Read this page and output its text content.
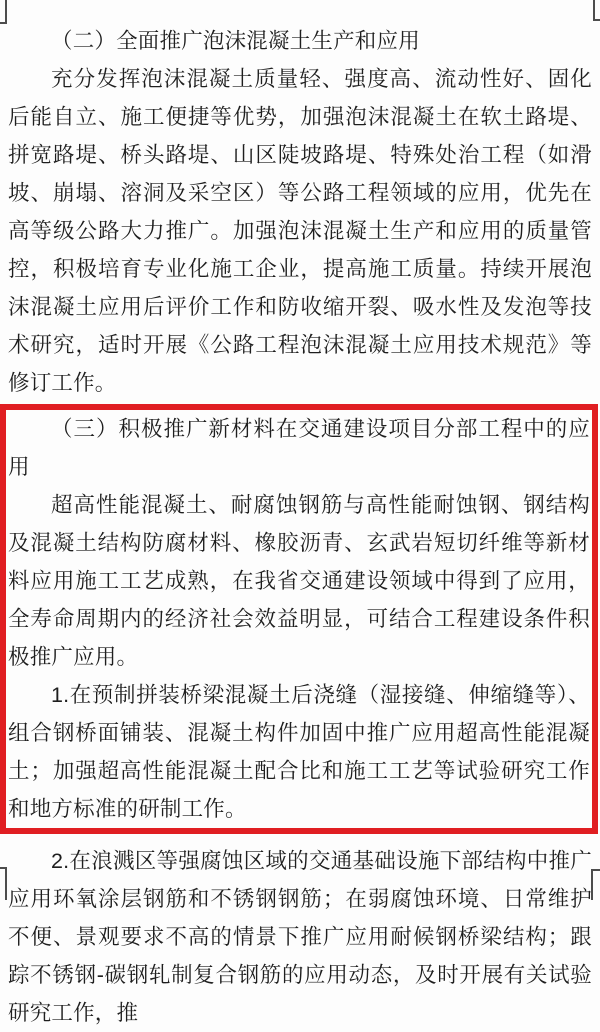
（二）全面推广泡沫混凝土生产和应用

充分发挥泡沫混凝土质量轻、强度高、流动性好、固化后能自立、施工便捷等优势，加强泡沫混凝土在软土路堤、拼宽路堤、桥头路堤、山区陡坡路堤、特殊处治工程（如滑坡、崩塌、溶洞及采空区）等公路工程领域的应用，优先在高等级公路大力推广。加强泡沫混凝土生产和应用的质量管控，积极培育专业化施工企业，提高施工质量。持续开展泡沫混凝土应用后评价工作和防收缩开裂、吸水性及发泡等技术研究，适时开展《公路工程泡沫混凝土应用技术规范》等修订工作。

（三）积极推广新材料在交通建设项目分部工程中的应用

超高性能混凝土、耐腐蚀钢筋与高性能耐蚀钢、钢结构及混凝土结构防腐材料、橡胶沥青、玄武岩短切纤维等新材料应用施工工艺成熟，在我省交通建设领域中得到了应用，全寿命周期内的经济社会效益明显，可结合工程建设条件积极推广应用。

1.在预制拼装桥梁混凝土后浇缝（湿接缝、伸缩缝等）、组合钢桥面铺装、混凝土构件加固中推广应用超高性能混凝土；加强超高性能混凝土配合比和施工工艺等试验研究工作和地方标准的研制工作。

2.在浪溅区等强腐蚀区域的交通基础设施下部结构中推广应用环氧涂层钢筋和不锈钢钢筋；在弱腐蚀环境、日常维护不便、景观要求不高的情景下推广应用耐候钢桥梁结构；跟踪不锈钢-碳钢轧制复合钢筋的应用动态，及时开展有关试验研究工作，推
